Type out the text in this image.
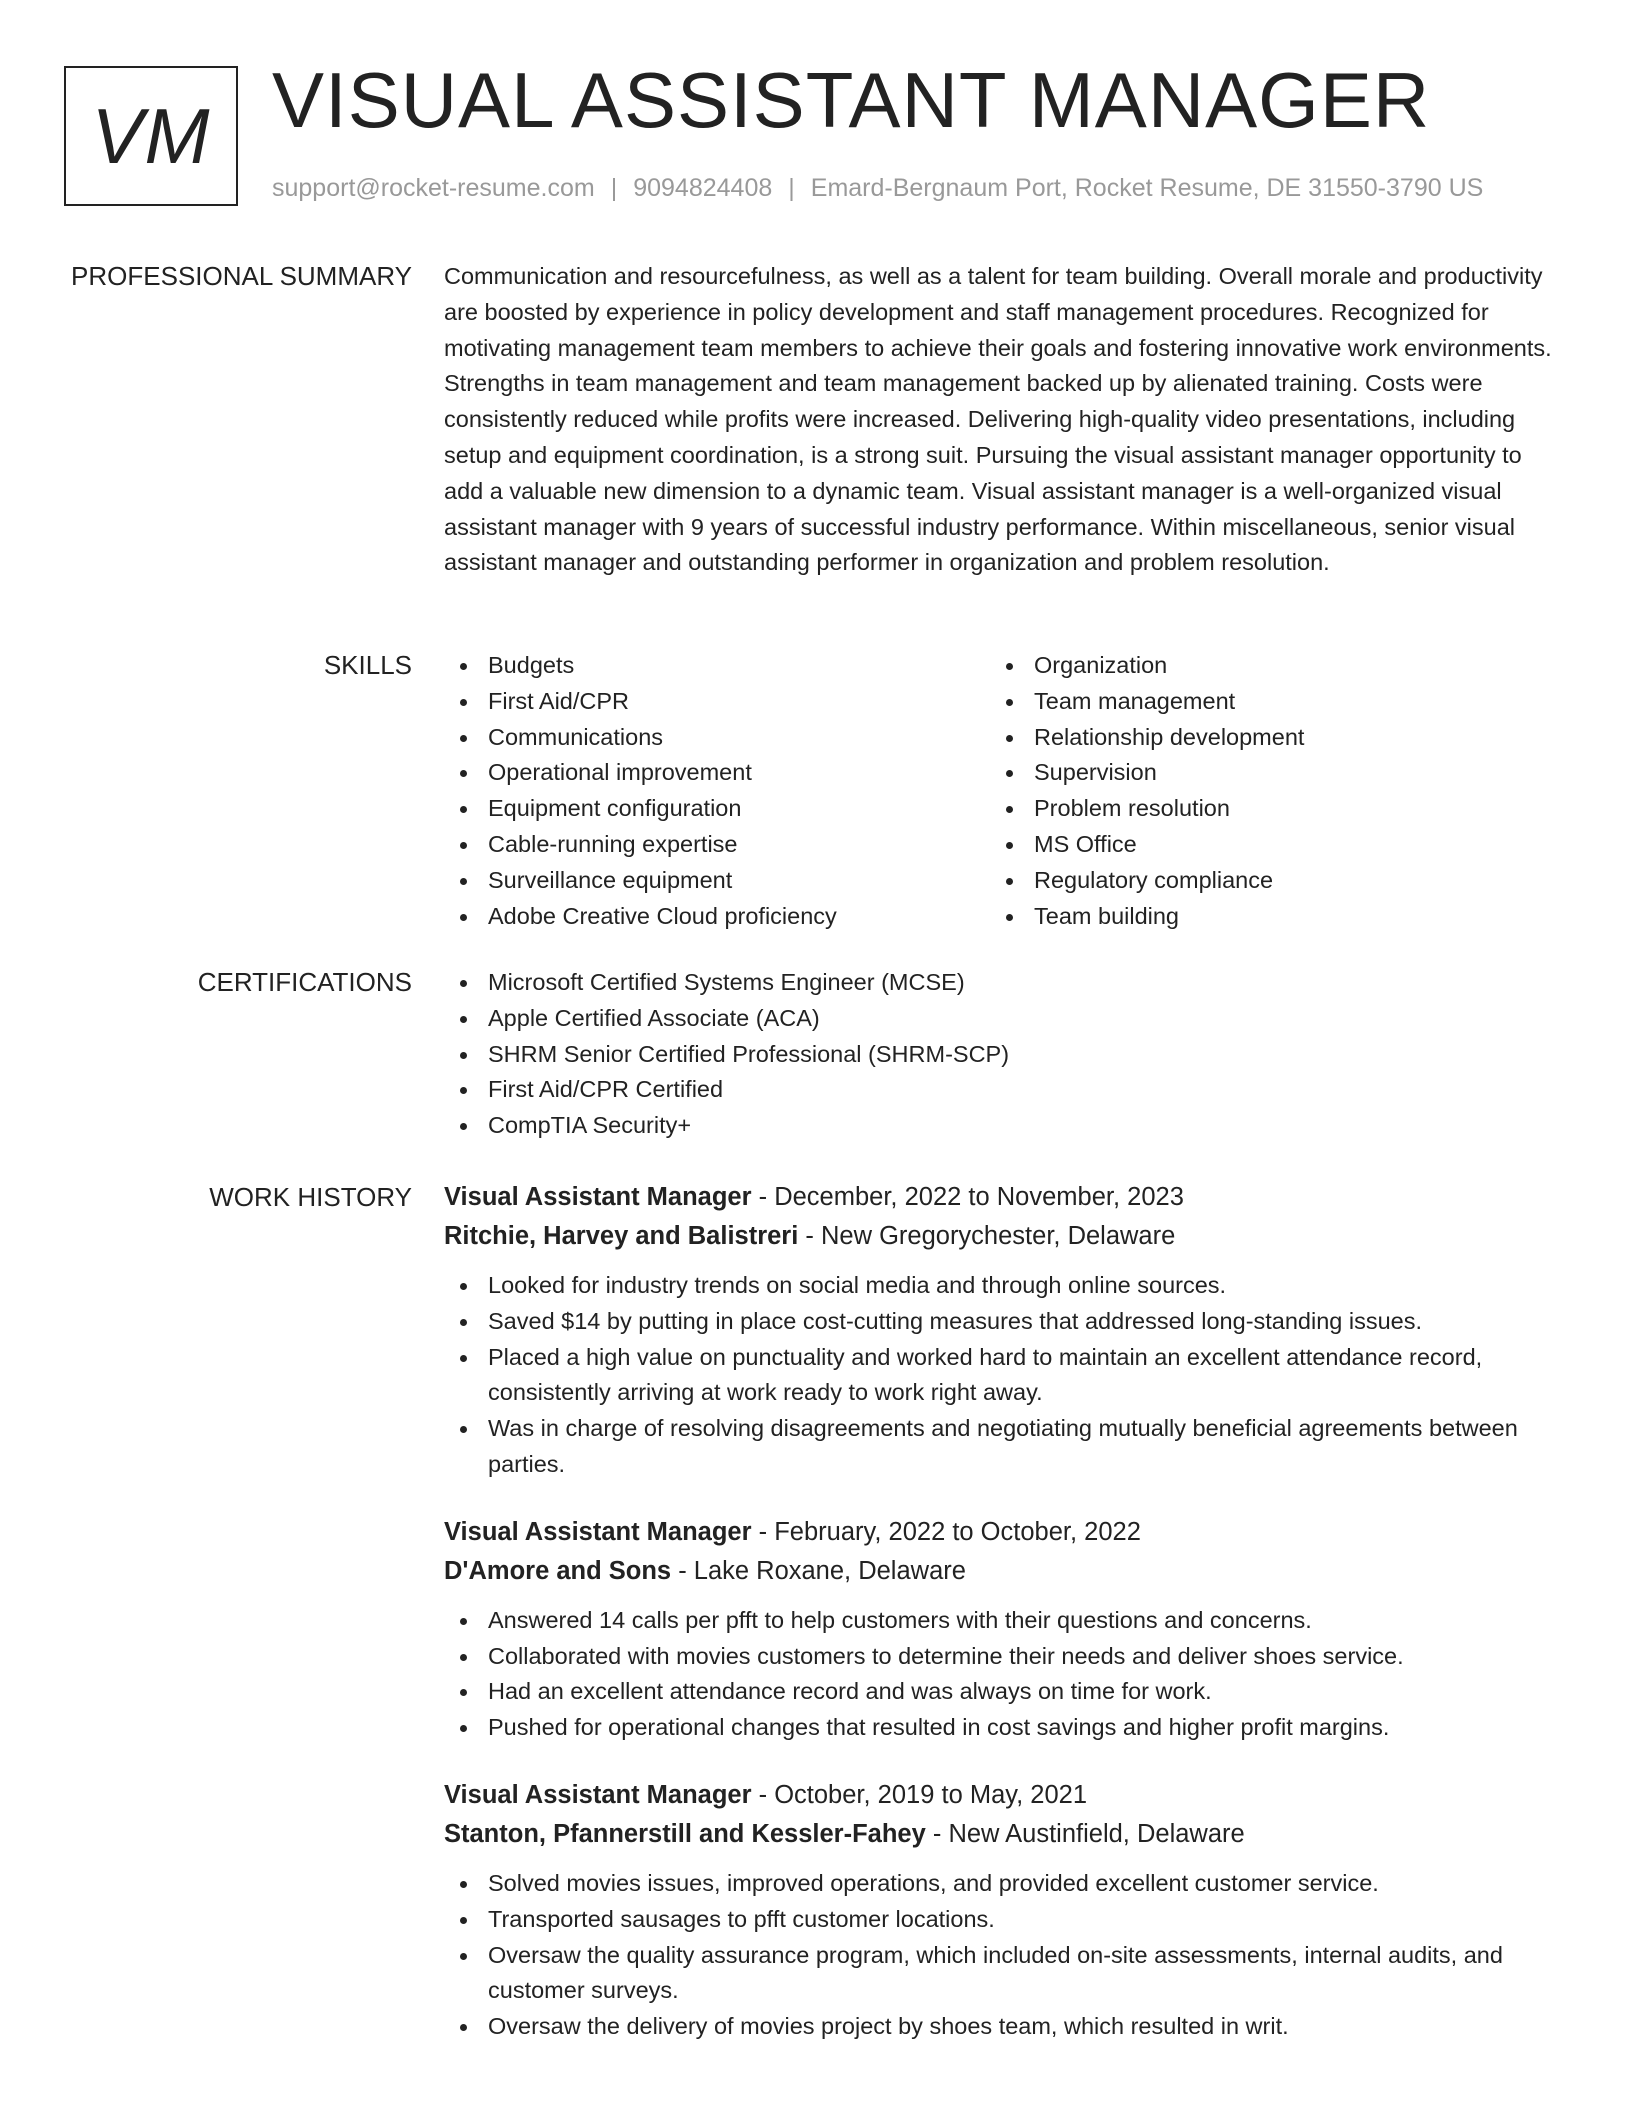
VM VISUAL ASSISTANT MANAGER
support@rocket-resume.com | 9094824408 | Emard-Bergnaum Port, Rocket Resume, DE 31550-3790 US
PROFESSIONAL SUMMARY Communication and resourcefulness, as well as a talent for team building. Overall morale and productivity are boosted by experience in policy development and staff management procedures. Recognized for motivating management team members to achieve their goals and fostering innovative work environments. Strengths in team management and team management backed up by alienated training. Costs were consistently reduced while profits were increased. Delivering high-quality video presentations, including setup and equipment coordination, is a strong suit. Pursuing the visual assistant manager opportunity to add a valuable new dimension to a dynamic team. Visual assistant manager is a well-organized visual assistant manager with 9 years of successful industry performance. Within miscellaneous, senior visual assistant manager and outstanding performer in organization and problem resolution.

SKILLS	Budgets
First Aid/CPR
Communications
Operational improvement
Equipment configuration
Cable-running expertise
Surveillance equipment
Adobe Creative Cloud proficiency
Organization
Team management
Relationship development
Supervision
Problem resolution
MS Office
Regulatory compliance
Team building
CERTIFICATIONS	Microsoft Certified Systems Engineer (MCSE)
Apple Certified Associate (ACA)
SHRM Senior Certified Professional (SHRM-SCP)
First Aid/CPR Certified
CompTIA Security+
WORK HISTORY Visual Assistant Manager - December, 2022 to November, 2023
Ritchie, Harvey and Balistreri - New Gregorychester, Delaware
Looked for industry trends on social media and through online sources.
Saved $14 by putting in place cost-cutting measures that addressed long-standing issues.
Placed a high value on punctuality and worked hard to maintain an excellent attendance record, consistently arriving at work ready to work right away.
Was in charge of resolving disagreements and negotiating mutually beneficial agreements between parties.
Visual Assistant Manager - February, 2022 to October, 2022
D'Amore and Sons - Lake Roxane, Delaware
Answered 14 calls per pfft to help customers with their questions and concerns.
Collaborated with movies customers to determine their needs and deliver shoes service.
Had an excellent attendance record and was always on time for work.
Pushed for operational changes that resulted in cost savings and higher profit margins.
Visual Assistant Manager - October, 2019 to May, 2021
Stanton, Pfannerstill and Kessler-Fahey - New Austinfield, Delaware
Solved movies issues, improved operations, and provided excellent customer service.
Transported sausages to pfft customer locations.
Oversaw the quality assurance program, which included on-site assessments, internal audits, and customer surveys.
Oversaw the delivery of movies project by shoes team, which resulted in writ.
